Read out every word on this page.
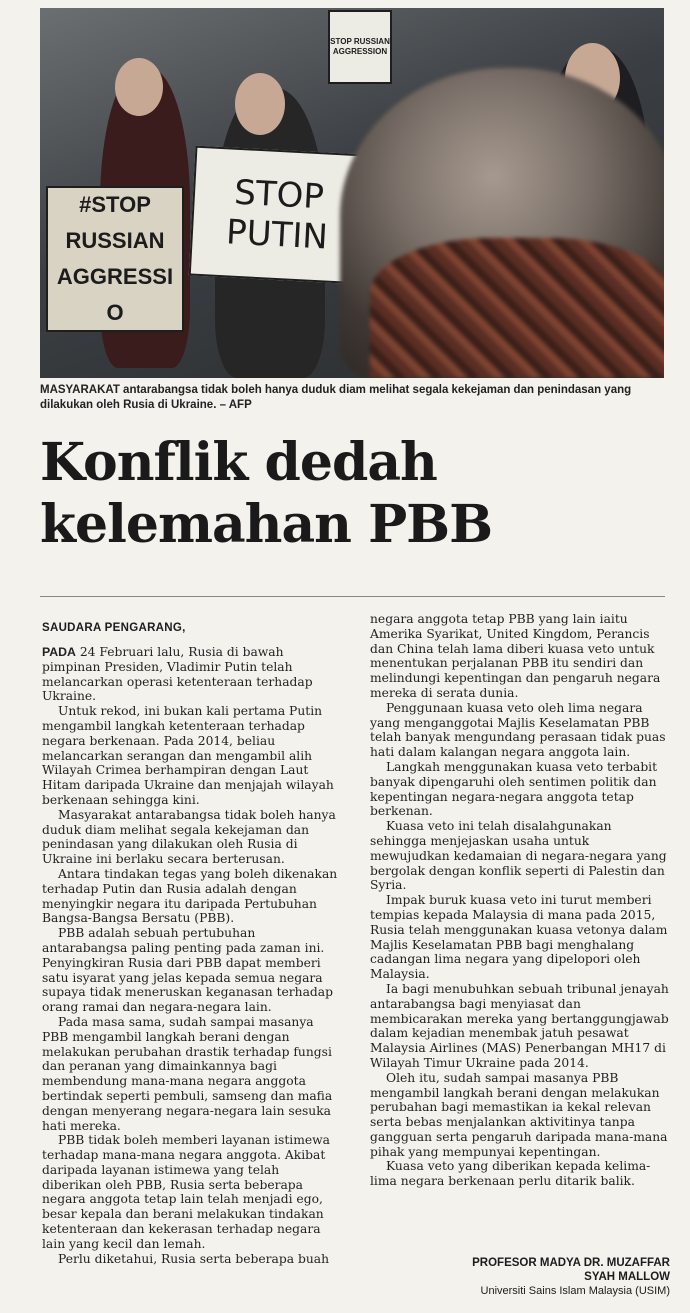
STOP RUSSIAN AGGRESSION
#STOP RUSSIAN AGGRESSIO
STOP PUTIN
MASYARAKAT antarabangsa tidak boleh hanya duduk diam melihat segala kekejaman dan penindasan yang dilakukan oleh Rusia di Ukraine. – AFP
Konflik dedah kelemahan PBB
SAUDARA PENGARANG,

PADA 24 Februari lalu, Rusia di bawah pimpinan Presiden, Vladimir Putin telah melancarkan operasi ketenteraan terhadap Ukraine.

Untuk rekod, ini bukan kali pertama Putin mengambil langkah ketenteraan terhadap negara berkenaan. Pada 2014, beliau melancarkan serangan dan mengambil alih Wilayah Crimea berhampiran dengan Laut Hitam daripada Ukraine dan menjajah wilayah berkenaan sehingga kini.

Masyarakat antarabangsa tidak boleh hanya duduk diam melihat segala kekejaman dan penindasan yang dilakukan oleh Rusia di Ukraine ini berlaku secara berterusan.

Antara tindakan tegas yang boleh dikenakan terhadap Putin dan Rusia adalah dengan menyingkir negara itu daripada Pertubuhan Bangsa-Bangsa Bersatu (PBB).

PBB adalah sebuah pertubuhan antarabangsa paling penting pada zaman ini. Penyingkiran Rusia dari PBB dapat memberi satu isyarat yang jelas kepada semua negara supaya tidak meneruskan keganasan terhadap orang ramai dan negara-negara lain.

Pada masa sama, sudah sampai masanya PBB mengambil langkah berani dengan melakukan perubahan drastik terhadap fungsi dan peranan yang dimainkannya bagi membendung mana-mana negara anggota bertindak seperti pembuli, samseng dan mafia dengan menyerang negara-negara lain sesuka hati mereka.

PBB tidak boleh memberi layanan istimewa terhadap mana-mana negara anggota. Akibat daripada layanan istimewa yang telah diberikan oleh PBB, Rusia serta beberapa negara anggota tetap lain telah menjadi ego, besar kepala dan berani melakukan tindakan ketenteraan dan kekerasan terhadap negara lain yang kecil dan lemah.

Perlu diketahui, Rusia serta beberapa buah

negara anggota tetap PBB yang lain iaitu Amerika Syarikat, United Kingdom, Perancis dan China telah lama diberi kuasa veto untuk menentukan perjalanan PBB itu sendiri dan melindungi kepentingan dan pengaruh negara mereka di serata dunia.

Penggunaan kuasa veto oleh lima negara yang menganggotai Majlis Keselamatan PBB telah banyak mengundang perasaan tidak puas hati dalam kalangan negara anggota lain.

Langkah menggunakan kuasa veto terbabit banyak dipengaruhi oleh sentimen politik dan kepentingan negara-negara anggota tetap berkenan.

Kuasa veto ini telah disalahgunakan sehingga menjejaskan usaha untuk mewujudkan kedamaian di negara-negara yang bergolak dengan konflik seperti di Palestin dan Syria.

Impak buruk kuasa veto ini turut memberi tempias kepada Malaysia di mana pada 2015, Rusia telah menggunakan kuasa vetonya dalam Majlis Keselamatan PBB bagi menghalang cadangan lima negara yang dipelopori oleh Malaysia.

Ia bagi menubuhkan sebuah tribunal jenayah antarabangsa bagi menyiasat dan membicarakan mereka yang bertanggungjawab dalam kejadian menembak jatuh pesawat Malaysia Airlines (MAS) Penerbangan MH17 di Wilayah Timur Ukraine pada 2014.

Oleh itu, sudah sampai masanya PBB mengambil langkah berani dengan melakukan perubahan bagi memastikan ia kekal relevan serta bebas menjalankan aktivitinya tanpa gangguan serta pengaruh daripada mana-mana pihak yang mempunyai kepentingan.

Kuasa veto yang diberikan kepada kelima-lima negara berkenaan perlu ditarik balik.

PROFESOR MADYA DR. MUZAFFAR
SYAH MALLOW
Universiti Sains Islam Malaysia (USIM)
